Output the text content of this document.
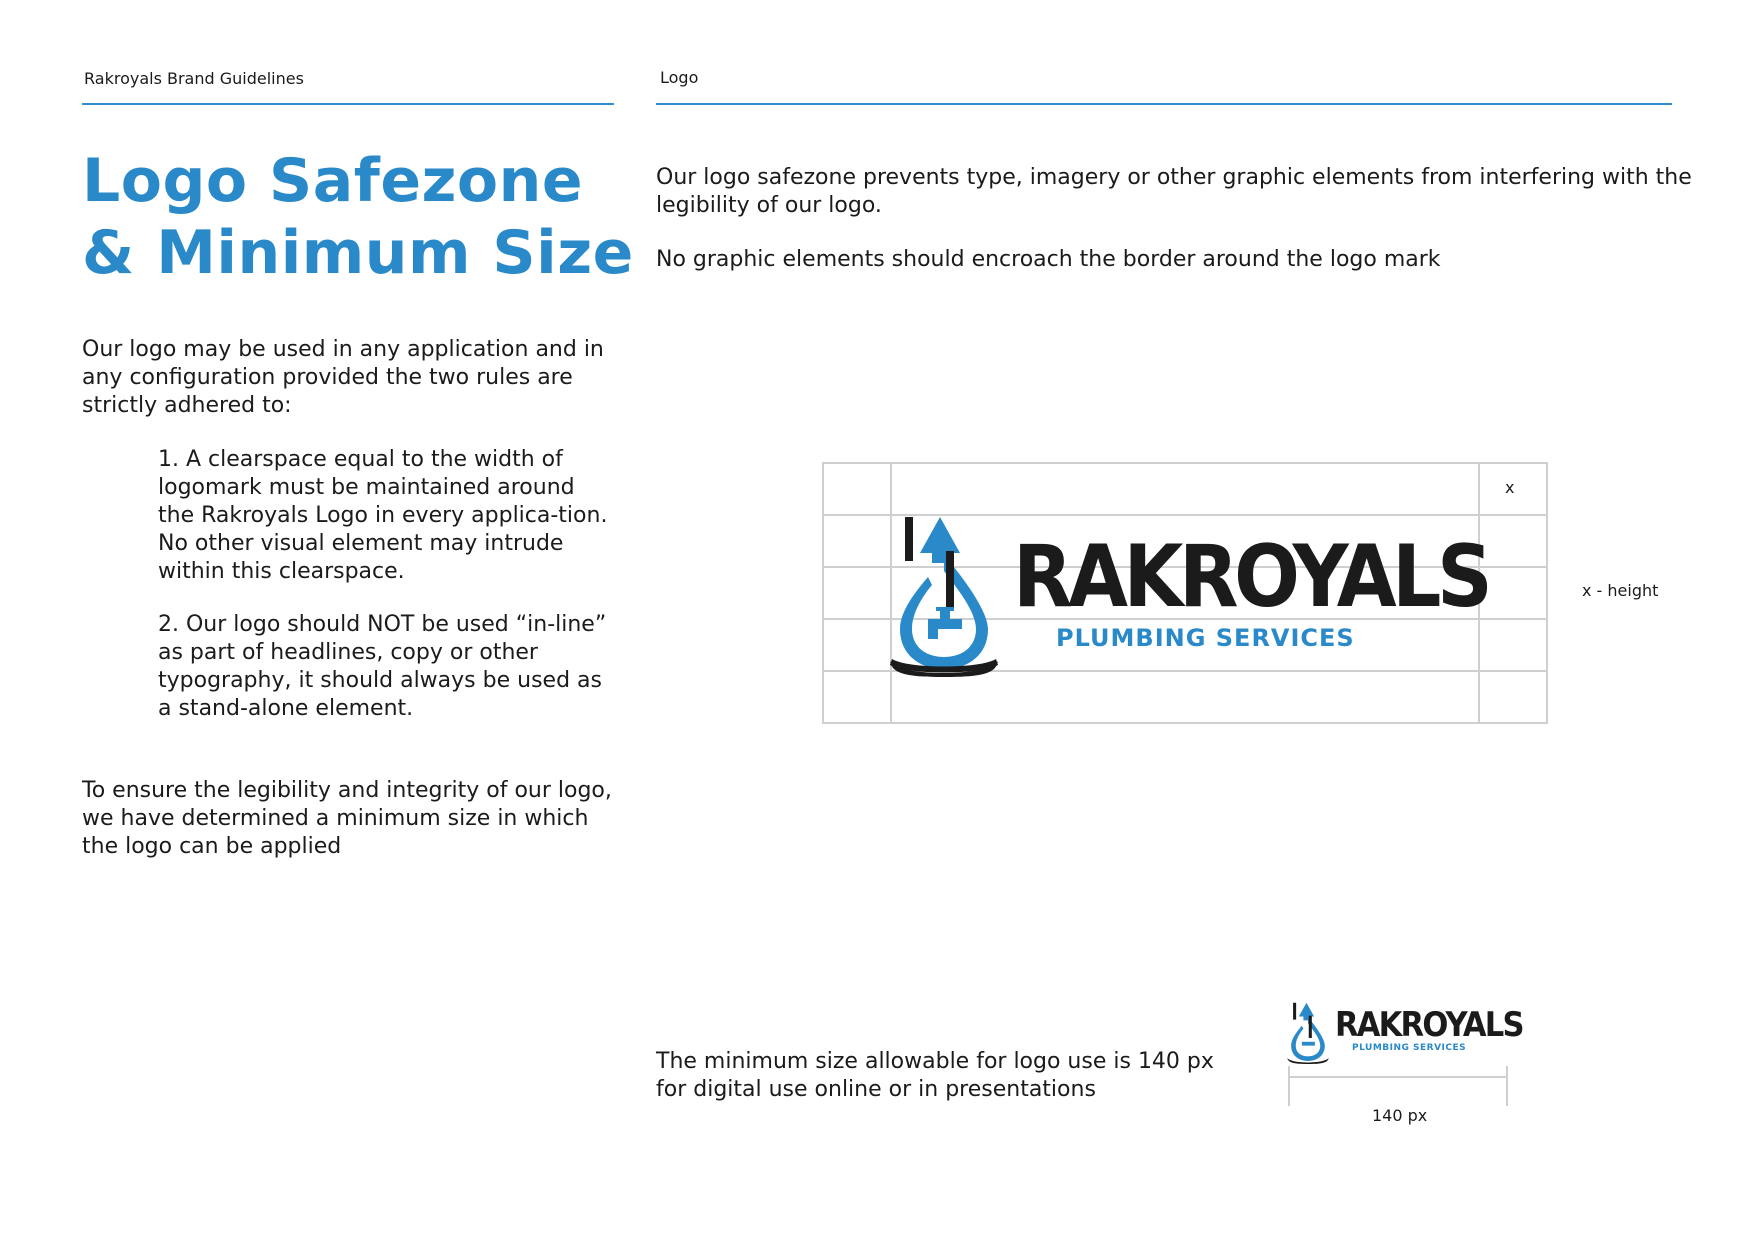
Rakroyals Brand Guidelines	Logo
Logo Safezone
& Minimum Size

Our logo may be used in any application and in any configuration provided the two rules are strictly adhered to:

1. A clearspace equal to the width of logomark must be maintained around the Rakroyals Logo in every applica-tion. No other visual element may intrude within this clearspace.

2. Our logo should NOT be used “in-line” as part of headlines, copy or other typography, it should always be used as a stand-alone element.

To ensure the legibility and integrity of our logo, we have determined a minimum size in which the logo can be applied

Our logo safezone prevents type, imagery or other graphic elements from interfering with the legibility of our logo.

No graphic elements should encroach the border around the logo mark

x
x - height
RAKROYALS
PLUMBING SERVICES

The minimum size allowable for logo use is 140 px for digital use online or in presentations

RAKROYALS
PLUMBING SERVICES
140 px
